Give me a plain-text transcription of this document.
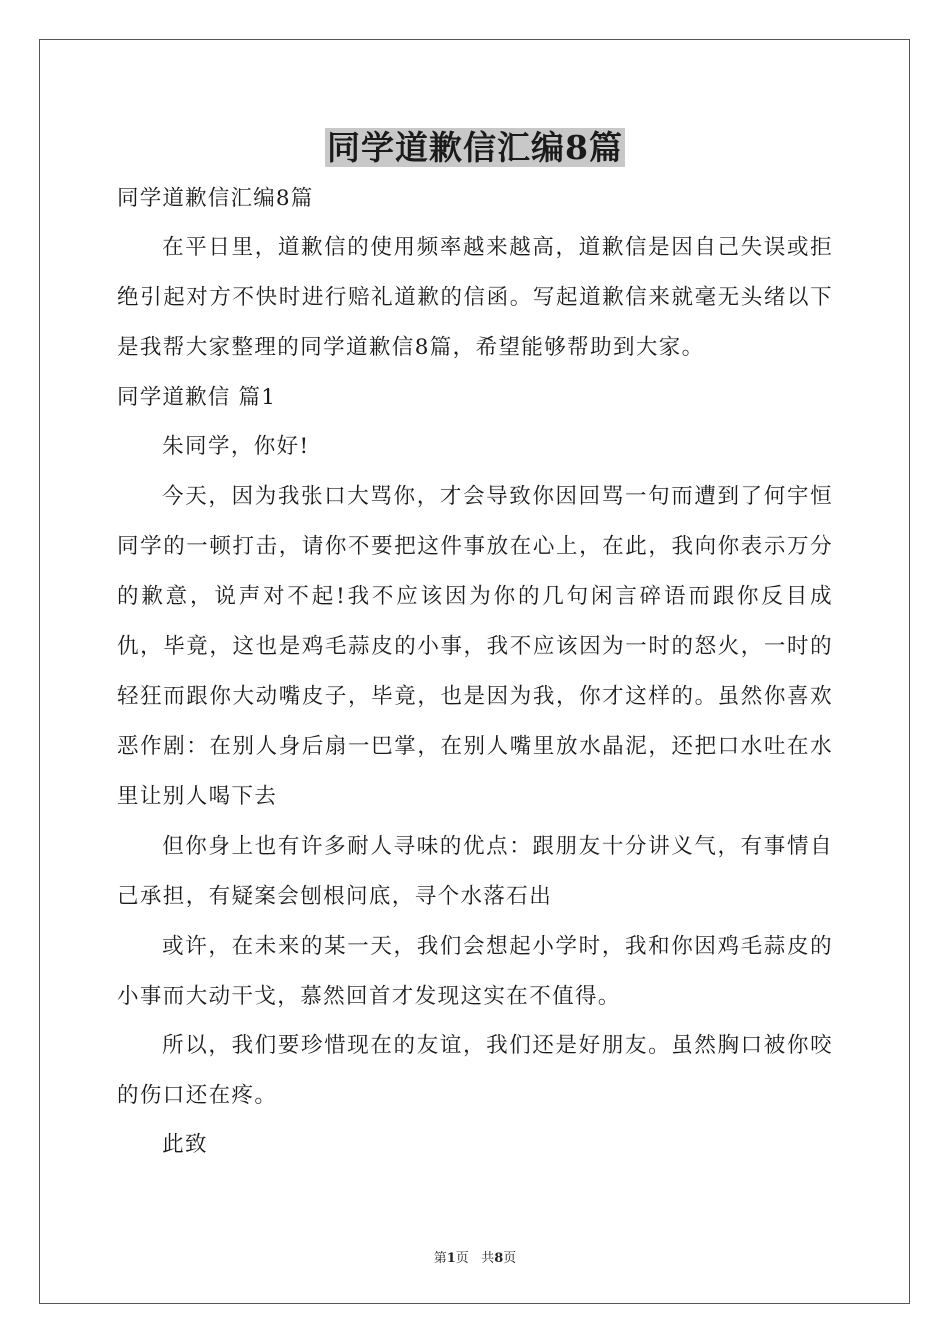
同学道歉信汇编8篇
同学道歉信汇编8篇

在平日里，道歉信的使用频率越来越高，道歉信是因自己失误或拒绝引起对方不快时进行赔礼道歉的信函。写起道歉信来就毫无头绪以下是我帮大家整理的同学道歉信8篇，希望能够帮助到大家。

同学道歉信 篇1

朱同学，你好!

今天，因为我张口大骂你，才会导致你因回骂一句而遭到了何宇恒同学的一顿打击，请你不要把这件事放在心上，在此，我向你表示万分的歉意，说声对不起!我不应该因为你的几句闲言碎语而跟你反目成仇，毕竟，这也是鸡毛蒜皮的小事，我不应该因为一时的怒火，一时的轻狂而跟你大动嘴皮子，毕竟，也是因为我，你才这样的。虽然你喜欢恶作剧：在别人身后扇一巴掌，在别人嘴里放水晶泥，还把口水吐在水里让别人喝下去

但你身上也有许多耐人寻味的优点：跟朋友十分讲义气，有事情自己承担，有疑案会刨根问底，寻个水落石出

或许，在未来的某一天，我们会想起小学时，我和你因鸡毛蒜皮的小事而大动干戈，慕然回首才发现这实在不值得。

所以，我们要珍惜现在的友谊，我们还是好朋友。虽然胸口被你咬的伤口还在疼。

此致

第1页   共8页
